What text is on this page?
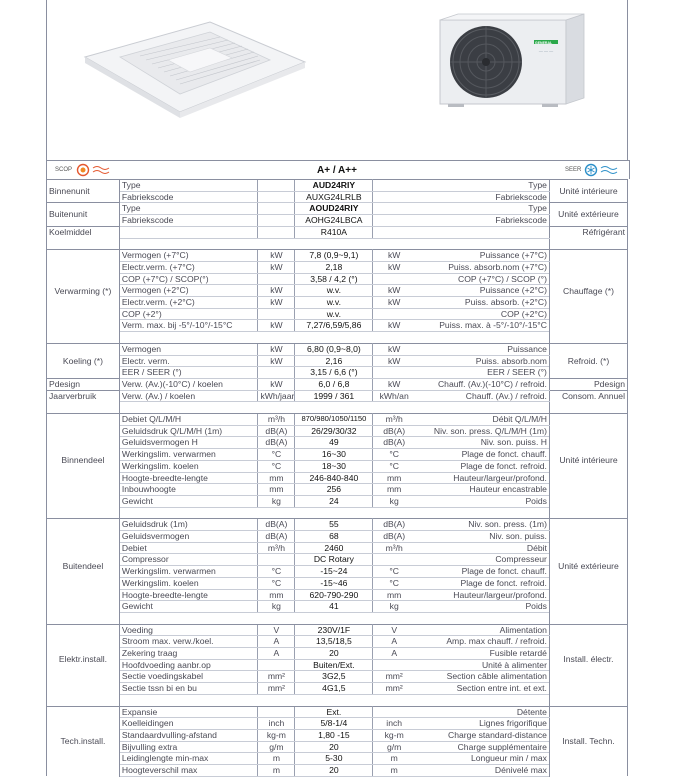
— — —
GENERAL
SCOP	A+ / A++	SEER
Binnenunit	Type		AUD24RIY		Type	Unité intérieure
	Fabriekscode		AUXG24LRLB		Fabriekscode	
Buitenunit	Type		AOUD24RIY		Type	Unité extérieure
	Fabriekscode		AOHG24LBCA		Fabriekscode	
Koelmiddel			R410A			Réfrigérant

Verwarming (*)	Vermogen (+7°C)	kW	7,8 (0,9~9,1)	kW	Puissance (+7°C)	Chauffage (*)
	Electr.verm. (+7°C)	kW	2,18	kW	Puiss. absorb.nom (+7°C)	
	COP (+7°C) / SCOP(°)		3,58 / 4,2 (°)		COP (+7°C) / SCOP (°)	
	Vermogen (+2°C)	kW	w.v.	kW	Puissance (+2°C)	
	Electr.verm. (+2°C)	kW	w.v.	kW	Puiss. absorb. (+2°C)	
	COP (+2°)		w.v.		COP (+2°C)	
	Verm. max. bij -5°/-10°/-15°C	kW	7,27/6,59/5,86	kW	Puiss. max. à -5°/-10°/-15°C	

Koeling (*)	Vermogen	kW	6,80 (0,9~8,0)	kW	Puissance	Refroid. (*)
	Electr. verm.	kW	2,16	kW	Puiss. absorb.nom	
	EER / SEER (°)		3,15 / 6,6 (°)		EER / SEER (°)	
Pdesign	Verw. (Av.)(-10°C) / koelen	kW	6,0 / 6,8	kW	Chauff. (Av.)(-10°C) / refroid.	Pdesign
Jaarverbruik	Verw. (Av.) / koelen	kWh/jaar	1999 / 361	kWh/an	Chauff. (Av.) / refroid.	Consom. Annuel

Binnendeel	Debiet Q/L/M/H	m³/h	870/980/1050/1150	m³/h	Débit Q/L/M/H	Unité intérieure
	Geluidsdruk Q/L/M/H (1m)	dB(A)	26/29/30/32	dB(A)	Niv. son. press. Q/L/M/H (1m)	
	Geluidsvermogen H	dB(A)	49	dB(A)	Niv. son. puiss. H	
	Werkingslim. verwarmen	°C	16~30	°C	Plage de fonct. chauff.	
	Werkingslim. koelen	°C	18~30	°C	Plage de fonct. refroid.	
	Hoogte-breedte-lengte	mm	246-840-840	mm	Hauteur/largeur/profond.	
	Inbouwhoogte	mm	256	mm	Hauteur encastrable	
	Gewicht	kg	24	kg	Poids	

Buitendeel	Geluidsdruk (1m)	dB(A)	55	dB(A)	Niv. son. press. (1m)	Unité extérieure
	Geluidsvermogen	dB(A)	68	dB(A)	Niv. son. puiss.	
	Debiet	m³/h	2460	m³/h	Débit	
	Compressor		DC Rotary		Compresseur	
	Werkingslim. verwarmen	°C	-15~24	°C	Plage de fonct. chauff.	
	Werkingslim. koelen	°C	-15~46	°C	Plage de fonct. refroid.	
	Hoogte-breedte-lengte	mm	620-790-290	mm	Hauteur/largeur/profond.	
	Gewicht	kg	41	kg	Poids	

Elektr.install.	Voeding	V	230V/1F	V	Alimentation	Install. électr.
	Stroom max. verw./koel.	A	13,5/18,5	A	Amp. max chauff. / refroid.	
	Zekering traag	A	20	A	Fusible retardé	
	Hoofdvoeding aanbr.op		Buiten/Ext.		Unité à alimenter	
	Sectie voedingskabel	mm²	3G2,5	mm²	Section câble alimentation	
	Sectie tssn bi en bu	mm²	4G1,5	mm²	Section entre int. et ext.	

Tech.install.	Expansie		Ext.		Détente	Install. Techn.
	Koelleidingen	inch	5/8-1/4	inch	Lignes frigorifique	
	Standaardvulling-afstand	kg-m	1,80 -15	kg-m	Charge standard-distance	
	Bijvulling extra	g/m	20	g/m	Charge supplémentaire	
	Leidinglengte min-max	m	5-30	m	Longueur min / max	
	Hoogteverschil max	m	20	m	Dénivelé max	
